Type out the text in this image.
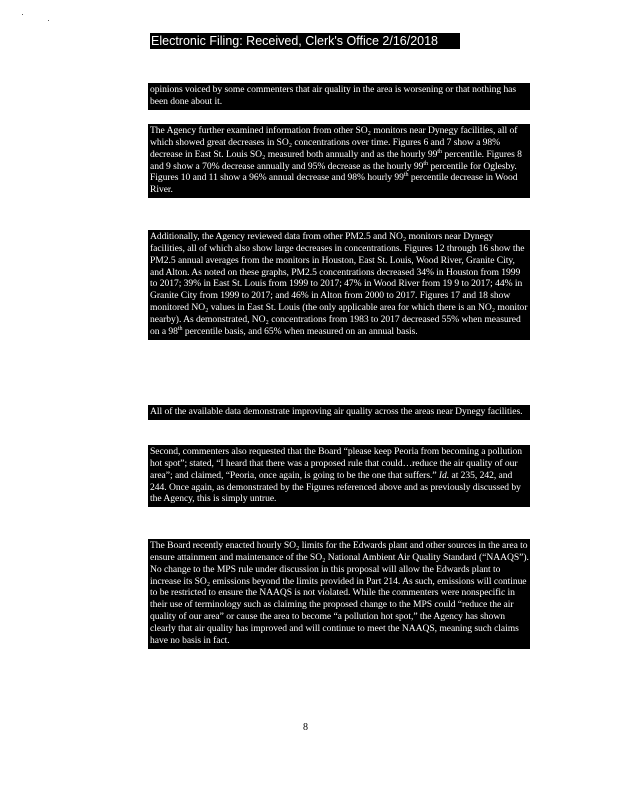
Electronic Filing: Received, Clerk's Office 2/16/2018
opinions voiced by some commenters that air quality in the area is worsening or that nothing has been done about it.
The Agency further examined information from other SO₂ monitors near Dynegy facilities, all of which showed great decreases in SO₂ concentrations over time. Figures 6 and 7 show a 98% decrease in East St. Louis SO₂ measured both annually and as the hourly 99th percentile. Figures 8 and 9 show a 70% decrease annually and 95% decrease as the hourly 99th percentile for Oglesby. Figures 10 and 11 show a 96% annual decrease and 98% hourly 99th percentile decrease in Wood River.
Additionally, the Agency reviewed data from other PM2.5 and NO₂ monitors near Dynegy facilities, all of which also show large decreases in concentrations. Figures 12 through 16 show the PM2.5 annual averages from the monitors in Houston, East St. Louis, Wood River, Granite City, and Alton. As noted on these graphs, PM2.5 concentrations decreased 34% in Houston from 1999 to 2017; 39% in East St. Louis from 1999 to 2017; 47% in Wood River from 19 9 to 2017; 44% in Granite City from 1999 to 2017; and 46% in Alton from 2000 to 2017. Figures 17 and 18 show monitored NO₂ values in East St. Louis (the only applicable area for which there is an NO₂ monitor nearby). As demonstrated, NO₂ concentrations from 1983 to 2017 decreased 55% when measured on a 98th percentile basis, and 65% when measured on an annual basis.
All of the available data demonstrate improving air quality across the areas near Dynegy facilities.
Second, commenters also requested that the Board “please keep Peoria from becoming a pollution hot spot”; stated, “I heard that there was a proposed rule that could…reduce the air quality of our area”; and claimed, “Peoria, once again, is going to be the one that suffers.” Id. at 235, 242, and 244. Once again, as demonstrated by the Figures referenced above and as previously discussed by the Agency, this is simply untrue.
The Board recently enacted hourly SO₂ limits for the Edwards plant and other sources in the area to ensure attainment and maintenance of the SO₂ National Ambient Air Quality Standard (“NAAQS”). No change to the MPS rule under discussion in this proposal will allow the Edwards plant to increase its SO₂ emissions beyond the limits provided in Part 214. As such, emissions will continue to be restricted to ensure the NAAQS is not violated. While the commenters were nonspecific in their use of terminology such as claiming the proposed change to the MPS could “reduce the air quality of our area” or cause the area to become “a pollution hot spot,” the Agency has shown clearly that air quality has improved and will continue to meet the NAAQS, meaning such claims have no basis in fact.
8
